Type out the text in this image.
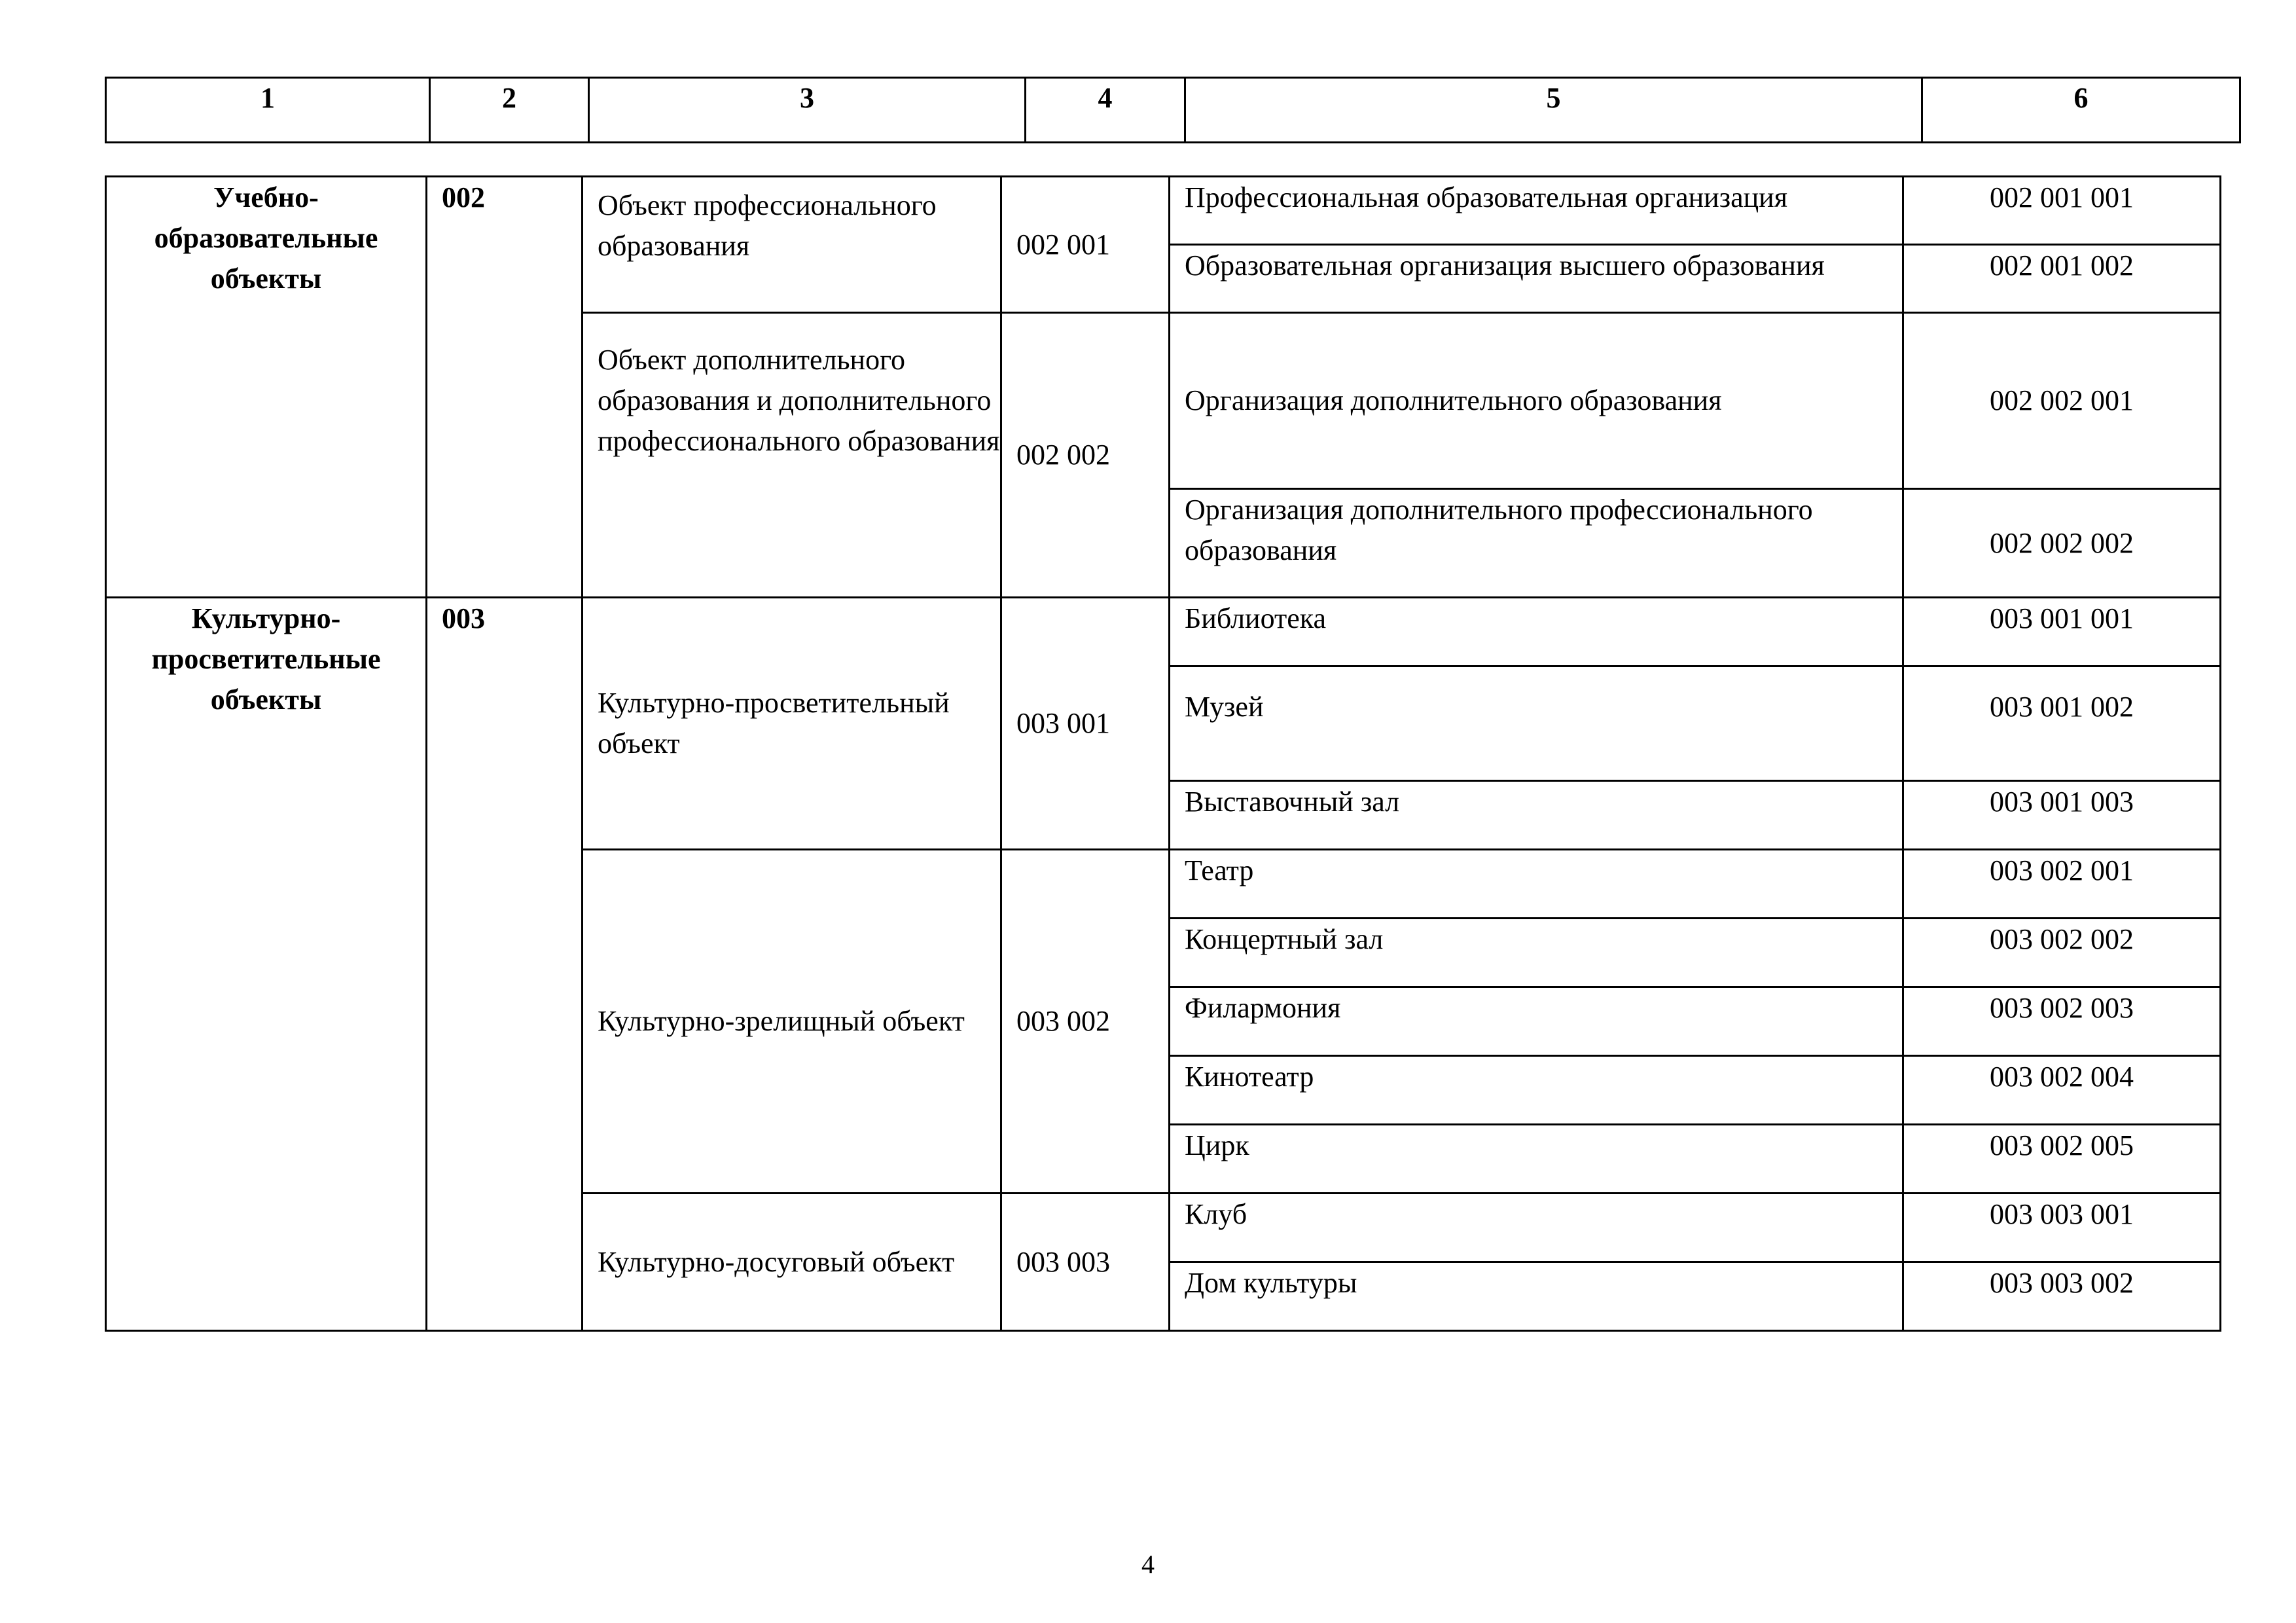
1	2	3	4	5	6
Учебно-образовательные объекты	002	Объект профессионального образования	002 001	Профессиональная образовательная организация	002 001 001
				Образовательная организация высшего образования	002 001 002
		Объект дополнительного образования и дополнительного профессионального образования	002 002	Организация дополнительного образования	002 002 001
				Организация дополнительного профессионального образования	002 002 002
Культурно-просветительные объекты	003	Культурно-просветительный объект	003 001	Библиотека	003 001 001
				Музей	003 001 002
				Выставочный зал	003 001 003
		Культурно-зрелищный объект	003 002	Театр	003 002 001
				Концертный зал	003 002 002
				Филармония	003 002 003
				Кинотеатр	003 002 004
				Цирк	003 002 005
		Культурно-досуговый объект	003 003	Клуб	003 003 001
				Дом культуры	003 003 002
4
